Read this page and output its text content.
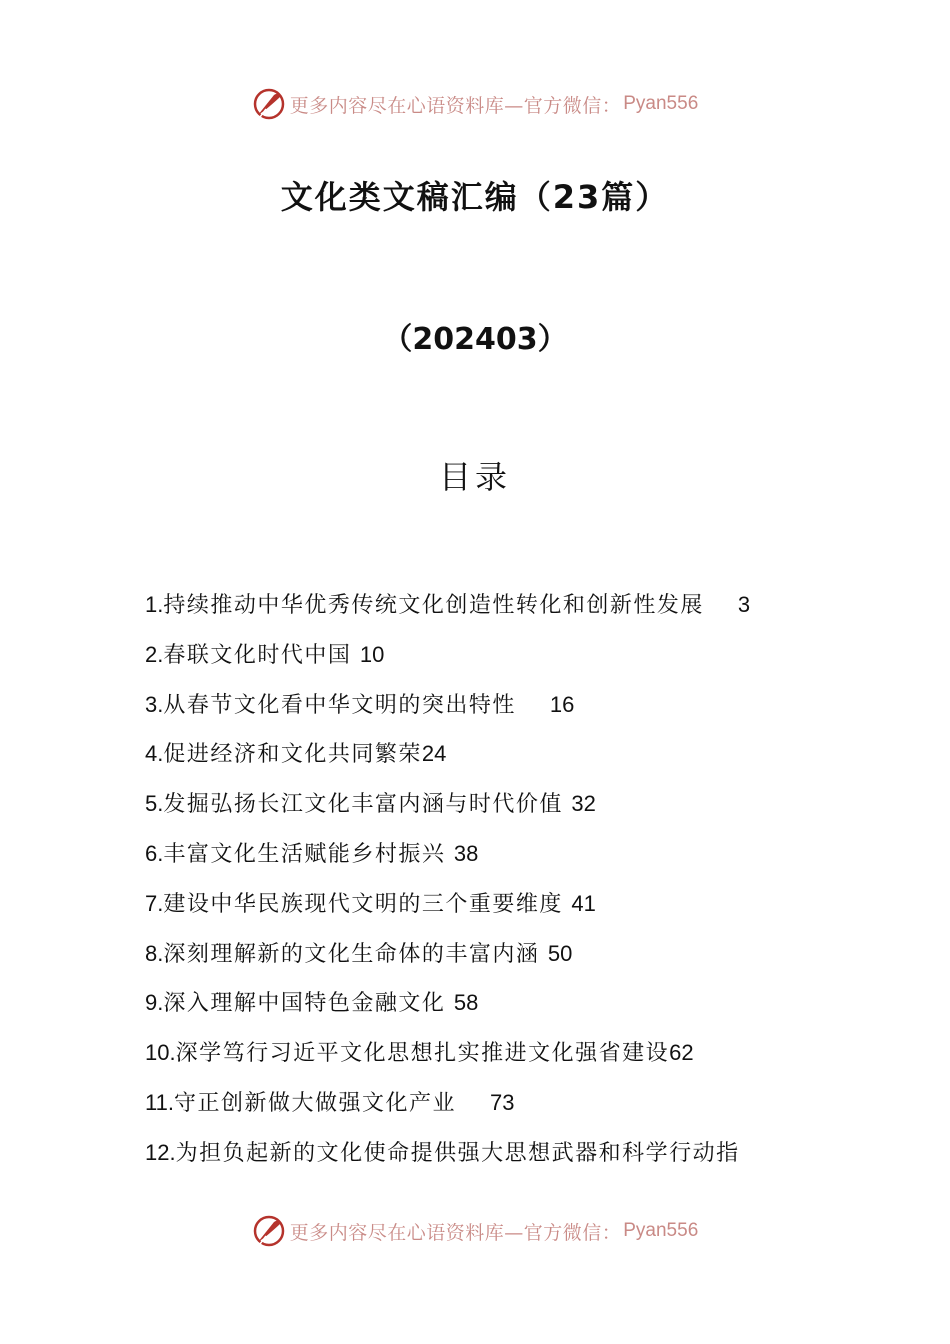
更多内容尽在心语资料库—官方微信： Pyan556
文化类文稿汇编（23篇）
（202403）
目录
1.持续推动中华优秀传统文化创造性转化和创新性发展 3
2.春联文化时代中国 10
3.从春节文化看中华文明的突出特性 16
4.促进经济和文化共同繁荣24
5.发掘弘扬长江文化丰富内涵与时代价值 32
6.丰富文化生活赋能乡村振兴 38
7.建设中华民族现代文明的三个重要维度 41
8.深刻理解新的文化生命体的丰富内涵 50
9.深入理解中国特色金融文化 58
10.深学笃行习近平文化思想扎实推进文化强省建设62
11.守正创新做大做强文化产业 73
12.为担负起新的文化使命提供强大思想武器和科学行动指
更多内容尽在心语资料库—官方微信： Pyan556
